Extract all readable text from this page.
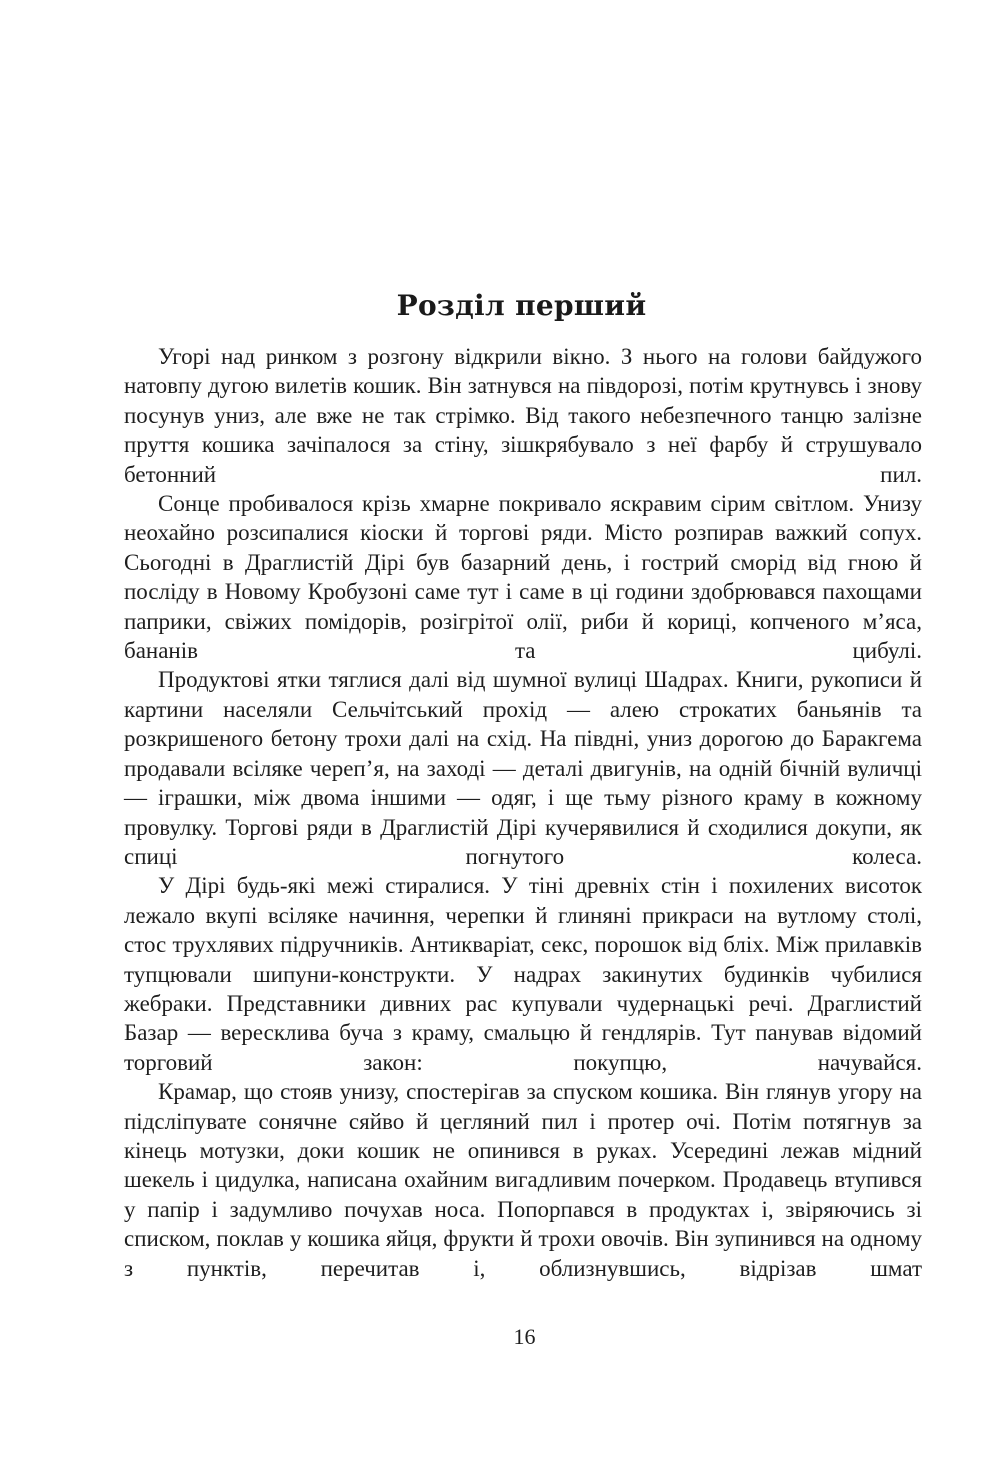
Розділ перший

Угорі над ринком з розгону відкрили вікно. З нього на голови байдужого натовпу дугою вилетів кошик. Він затнувся на півдорозі, потім крутнувсь і знову посунув униз, але вже не так стрімко. Від такого небезпечного танцю залізне пруття кошика зачіпалося за стіну, зішкрябувало з неї фарбу й струшувало бетонний пил.

Сонце пробивалося крізь хмарне покривало яскравим сірим світлом. Унизу неохайно розсипалися кіоски й торгові ряди. Місто розпирав важкий сопух. Сьогодні в Драглистій Дірі був базарний день, і гострий сморід від гною й посліду в Новому Кробузоні саме тут і саме в ці години здобрювався пахощами паприки, свіжих помідорів, розігрітої олії, риби й кориці, копченого м’яса, бананів та цибулі.

Продуктові ятки тяглися далі від шумної вулиці Шадрах. Книги, рукописи й картини населяли Сельчітський прохід — алею строкатих баньянів та розкришеного бетону трохи далі на схід. На півдні, униз дорогою до Баракгема продавали всіляке череп’я, на заході — деталі двигунів, на одній бічній вуличці — іграшки, між двома іншими — одяг, і ще тьму різного краму в кожному провулку. Торгові ряди в Драглистій Дірі кучерявилися й сходилися докупи, як спиці погнутого колеса.

У Дірі будь-які межі стиралися. У тіні древніх стін і похилених висоток лежало вкупі всіляке начиння, черепки й глиняні прикраси на вутлому столі, стос трухлявих підручників. Антикваріат, секс, порошок від бліх. Між прилавків тупцювали шипуни-конструкти. У надрах закинутих будинків чубилися жебраки. Представники дивних рас купували чудернацькі речі. Драглистий Базар — вересклива буча з краму, смальцю й гендлярів. Тут панував відомий торговий закон: покупцю, начувайся.

Крамар, що стояв унизу, спостерігав за спуском кошика. Він глянув угору на підсліпувате сонячне сяйво й цегляний пил і протер очі. Потім потягнув за кінець мотузки, доки кошик не опинився в руках. Усередині лежав мідний шекель і цидулка, написана охайним вигадливим почерком. Продавець втупився у папір і задумливо почухав носа. Попорпався в продуктах і, звіряючись зі списком, поклав у кошика яйця, фрукти й трохи овочів. Він зупинився на одному з пунктів, перечитав і, облизнувшись, відрізав шмат

16
